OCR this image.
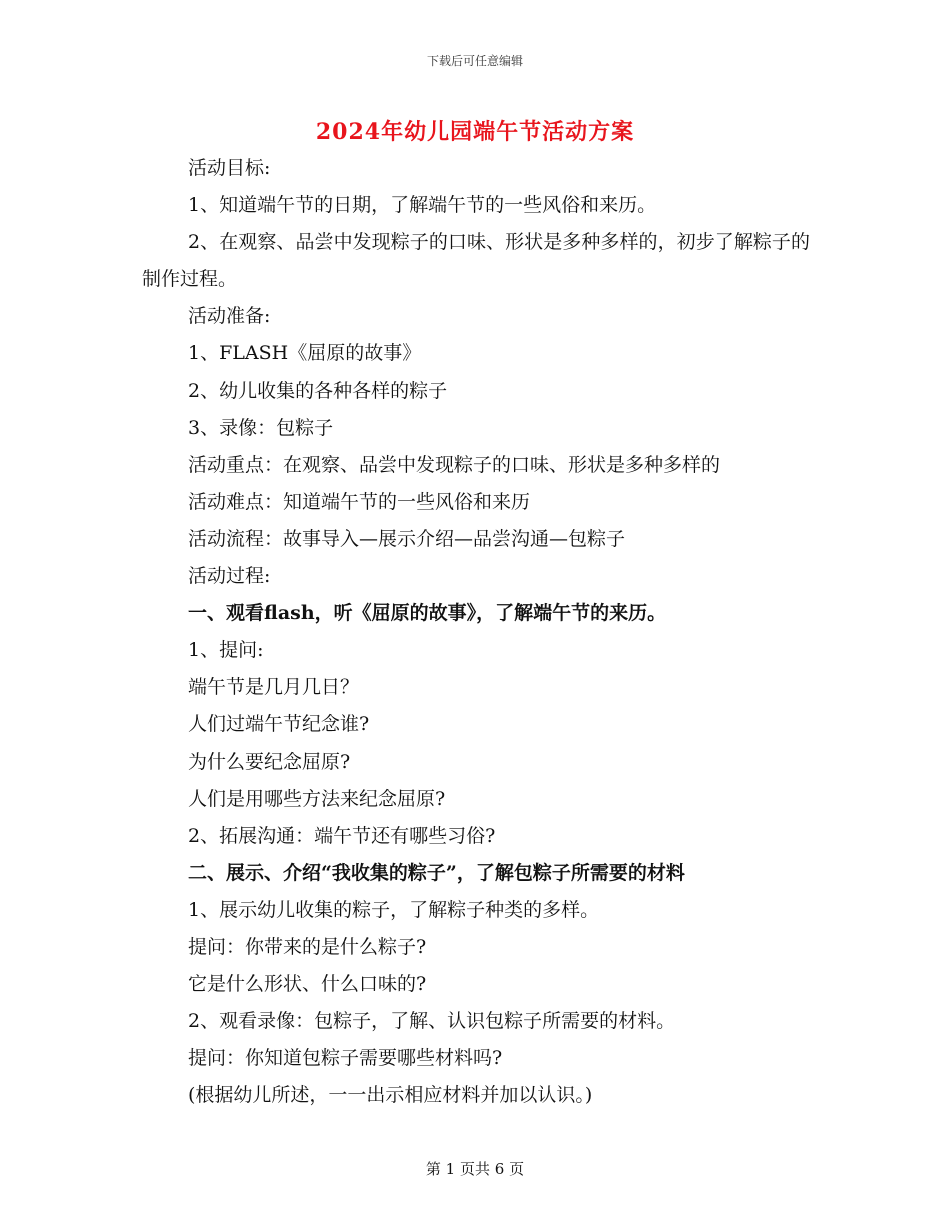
下载后可任意编辑
2024年幼儿园端午节活动方案

活动目标:

1、知道端午节的日期，了解端午节的一些风俗和来历。

2、在观察、品尝中发现粽子的口味、形状是多种多样的，初步了解粽子的制作过程。

活动准备:

1、FLASH《屈原的故事》

2、幼儿收集的各种各样的粽子

3、录像：包粽子

活动重点：在观察、品尝中发现粽子的口味、形状是多种多样的

活动难点：知道端午节的一些风俗和来历

活动流程：故事导入—展示介绍—品尝沟通—包粽子

活动过程:

一、观看flash，听《屈原的故事》，了解端午节的来历。

1、提问:

端午节是几月几日？

人们过端午节纪念谁?

为什么要纪念屈原?

人们是用哪些方法来纪念屈原?

2、拓展沟通：端午节还有哪些习俗?

二、展示、介绍“我收集的粽子”，了解包粽子所需要的材料

1、展示幼儿收集的粽子，了解粽子种类的多样。

提问：你带来的是什么粽子?

它是什么形状、什么口味的?

2、观看录像：包粽子，了解、认识包粽子所需要的材料。

提问：你知道包粽子需要哪些材料吗?

(根据幼儿所述，一一出示相应材料并加以认识。)

第 1 页共 6 页
